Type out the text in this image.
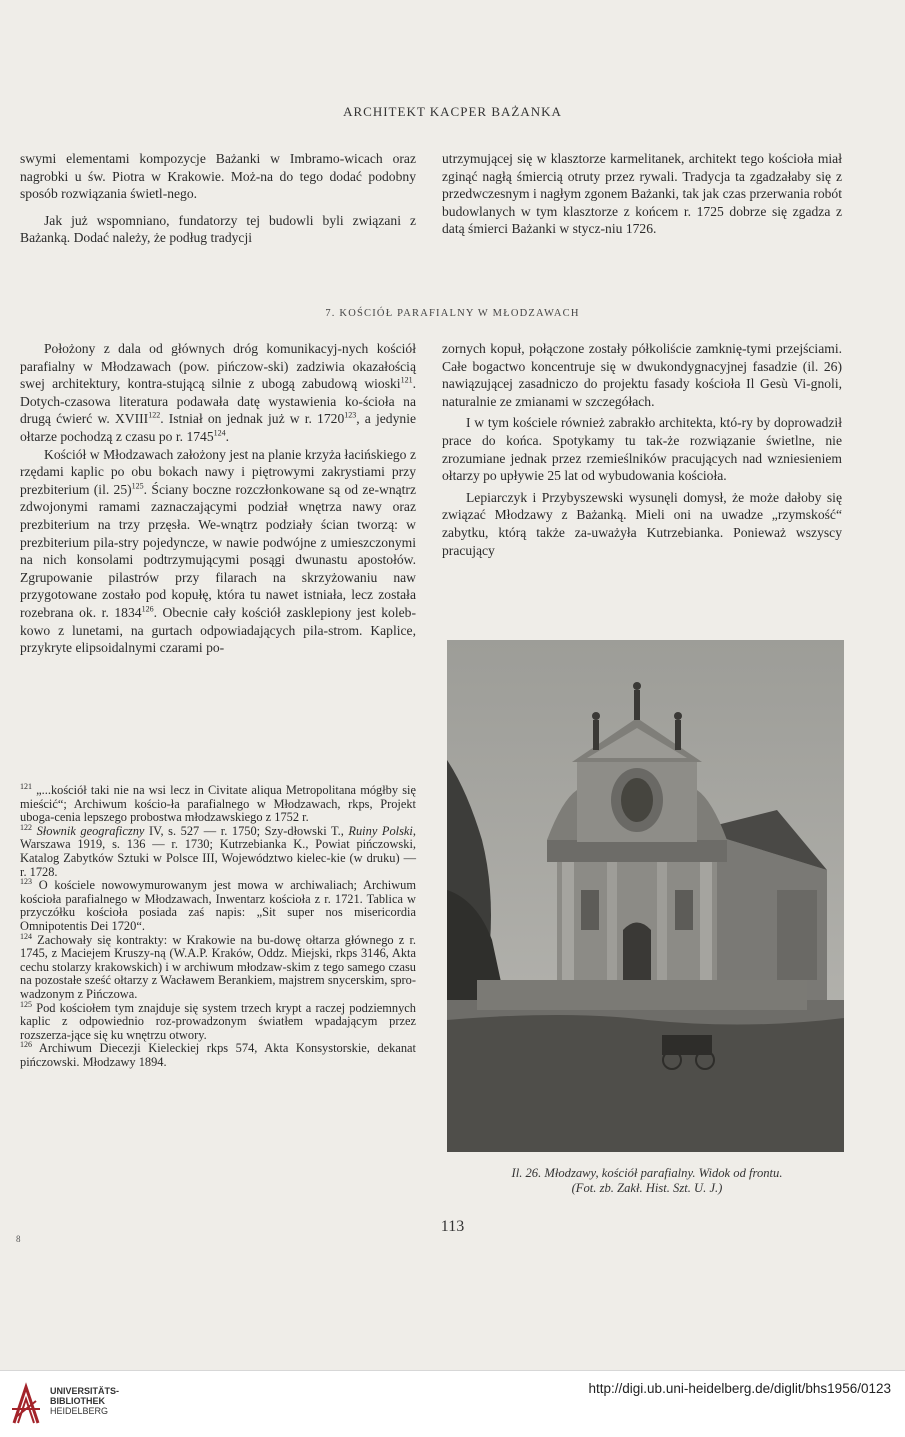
ARCHITEKT KACPER BAŻANKA

swymi elementami kompozycje Bażanki w Imbramo-wicach oraz nagrobki u św. Piotra w Krakowie. Moż-na do tego dodać podobny sposób rozwiązania świetl-nego.

Jak już wspomniano, fundatorzy tej budowli byli związani z Bażanką. Dodać należy, że podług tradycji

utrzymującej się w klasztorze karmelitanek, architekt tego kościoła miał zginąć nagłą śmiercią otruty przez rywali. Tradycja ta zgadzałaby się z przedwczesnym i nagłym zgonem Bażanki, tak jak czas przerwania robót budowlanych w tym klasztorze z końcem r. 1725 dobrze się zgadza z datą śmierci Bażanki w stycz-niu 1726.

7. KOŚCIÓŁ PARAFIALNY W MŁODZAWACH

Położony z dala od głównych dróg komunikacyj-nych kościół parafialny w Młodzawach (pow. pińczow-ski) zadziwia okazałością swej architektury, kontra-stującą silnie z ubogą zabudową wioski$^{121}$. Dotych-czasowa literatura podawała datę wystawienia ko-ścioła na drugą ćwierć w. XVIII$^{122}$. Istniał on jednak już w r. 1720$^{123}$, a jedynie ołtarze pochodzą z czasu po r. 1745$^{124}$.

Kościół w Młodzawach założony jest na planie krzyża łacińskiego z rzędami kaplic po obu bokach nawy i piętrowymi zakrystiami przy prezbiterium (il. 25)$^{125}$. Ściany boczne rozczłonkowane są od ze-wnątrz zdwojonymi ramami zaznaczającymi podział wnętrza nawy oraz prezbiterium na trzy przęsła. We-wnątrz podziały ścian tworzą: w prezbiterium pila-stry pojedyncze, w nawie podwójne z umieszczonymi na nich konsolami podtrzymującymi posągi dwunastu apostołów. Zgrupowanie pilastrów przy filarach na skrzyżowaniu naw przygotowane zostało pod kopułę, która tu nawet istniała, lecz została rozebrana ok. r. 1834$^{126}$. Obecnie cały kościół zasklepiony jest koleb-kowo z lunetami, na gurtach odpowiadających pila-strom. Kaplice, przykryte elipsoidalnymi czarami po-

zornych kopuł, połączone zostały półkoliście zamknię-tymi przejściami. Całe bogactwo koncentruje się w dwukondygnacyjnej fasadzie (il. 26) nawiązującej zasadniczo do projektu fasady kościoła Il Gesù Vi-gnoli, naturalnie ze zmianami w szczegółach.

I w tym kościele również zabrakło architekta, któ-ry by doprowadził prace do końca. Spotykamy tu tak-że rozwiązanie świetlne, nie zrozumiane jednak przez rzemieślników pracujących nad wzniesieniem ołtarzy po upływie 25 lat od wybudowania kościoła.

Lepiarczyk i Przybyszewski wysunęli domysł, że może dałoby się związać Młodzawy z Bażanką. Mieli oni na uwadze „rzymskość“ zabytku, którą także za-uważyła Kutrzebianka. Ponieważ wszyscy pracujący

$^{121}$ „...kościół taki nie na wsi lecz in Civitate aliqua Metropolitana mógłby się mieścić“; Archiwum kościo-ła parafialnego w Młodzawach, rkps, Projekt uboga-cenia lepszego probostwa młodzawskiego z 1752 r.

$^{122}$ Słownik geograficzny IV, s. 527 — r. 1750; Szy-dłowski T., Ruiny Polski, Warszawa 1919, s. 136 — r. 1730; Kutrzebianka K., Powiat pińczowski, Katalog Zabytków Sztuki w Polsce III, Województwo kielec-kie (w druku) — r. 1728.

$^{123}$ O kościele nowowymurowanym jest mowa w archiwaliach; Archiwum kościoła parafialnego w Młodzawach, Inwentarz kościoła z r. 1721. Tablica w przyczółku kościoła posiada zaś napis: „Sit super nos misericordia Omnipotentis Dei 1720“.

$^{124}$ Zachowały się kontrakty: w Krakowie na bu-dowę ołtarza głównego z r. 1745, z Maciejem Kruszy-ną (W.A.P. Kraków, Oddz. Miejski, rkps 3146, Akta cechu stolarzy krakowskich) i w archiwum młodzaw-skim z tego samego czasu na pozostałe sześć ołtarzy z Wacławem Berankiem, majstrem snycerskim, spro-wadzonym z Pińczowa.

$^{125}$ Pod kościołem tym znajduje się system trzech krypt a raczej podziemnych kaplic z odpowiednio roz-prowadzonym światłem wpadającym przez rozszerza-jące się ku wnętrzu otwory.

$^{126}$ Archiwum Diecezji Kieleckiej rkps 574, Akta Konsystorskie, dekanat pińczowski. Młodzawy 1894.

Il. 26. Młodzawy, kościół parafialny. Widok od frontu.
(Fot. zb. Zakł. Hist. Szt. U. J.)
113
8
UNIVERSITÄTS-
BIBLIOTHEK
HEIDELBERG
http://digi.ub.uni-heidelberg.de/diglit/bhs1956/0123
